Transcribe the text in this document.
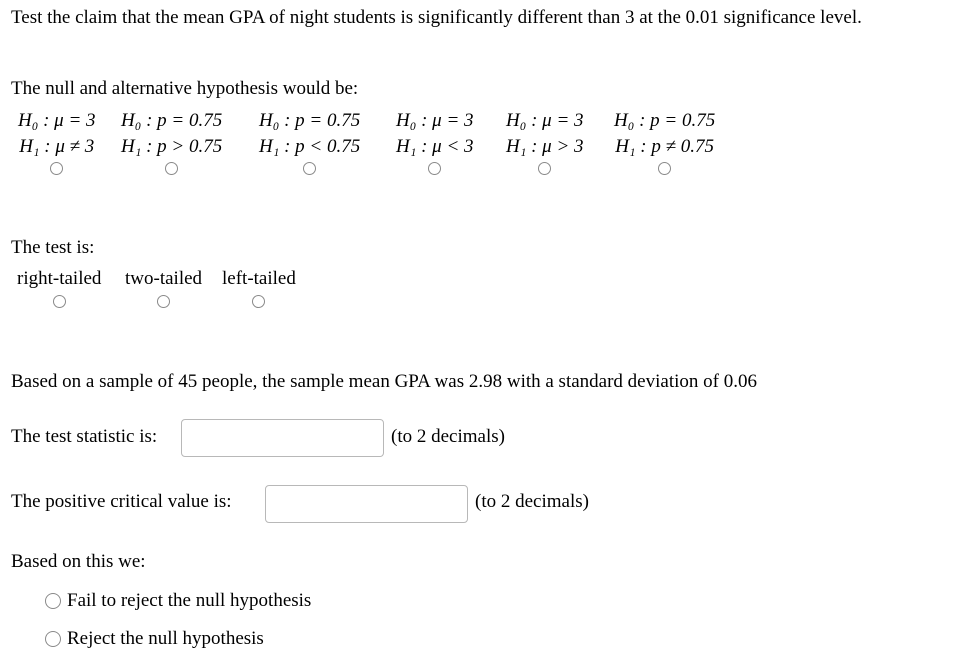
Test the claim that the mean GPA of night students is significantly different than 3 at the 0.01 significance level.
The null and alternative hypothesis would be:
H₀ : μ = 3
H₁ : μ ≠ 3
H₀ : p = 0.75
H₁ : p > 0.75
H₀ : p = 0.75
H₁ : p < 0.75
H₀ : μ = 3
H₁ : μ < 3
H₀ : μ = 3
H₁ : μ > 3
H₀ : p = 0.75
H₁ : p ≠ 0.75
The test is:
right-tailed two-tailed left-tailed
Based on a sample of 45 people, the sample mean GPA was 2.98 with a standard deviation of 0.06
The test statistic is:	(to 2 decimals)
The positive critical value is:	(to 2 decimals)
Based on this we:
Fail to reject the null hypothesis
Reject the null hypothesis
